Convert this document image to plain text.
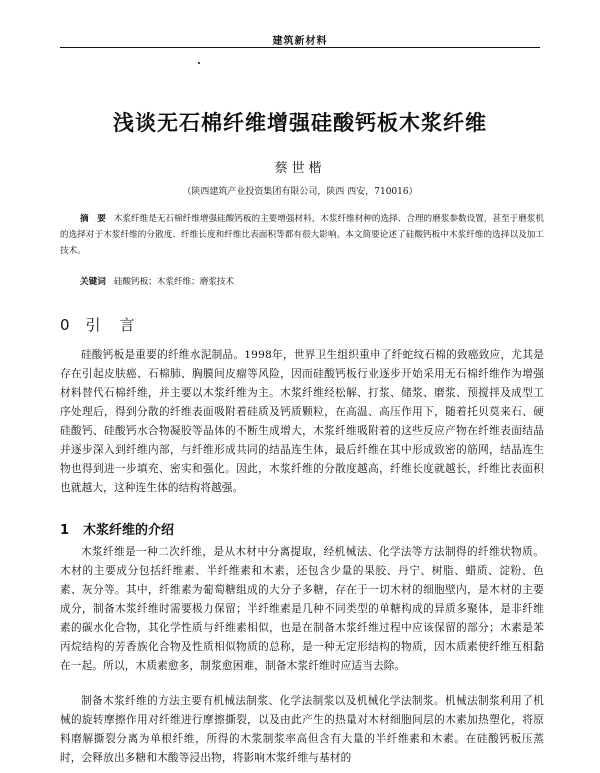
建筑新材料
浅谈无石棉纤维增强硅酸钙板木浆纤维
蔡世楷
（陕西建筑产业投资集团有限公司，陕西 西安，710016）
摘　要 木浆纤维是无石棉纤维增强硅酸钙板的主要增强材料，木浆纤维材种的选择、合理的磨浆参数设置，甚至于磨浆机的选择对于木浆纤维的分散度、纤维长度和纤维比表面积等都有很大影响。本文简要论述了硅酸钙板中木浆纤维的选择以及加工技术。
关键词 硅酸钙板；木浆纤维；磨浆技术
0 引　言
硅酸钙板是重要的纤维水泥制品。1998年，世界卫生组织重申了纤蛇纹石棉的致癌致应，尤其是存在引起皮肤癌、石棉肺、胸膜间皮瘤等风险，因而硅酸钙板行业逐步开始采用无石棉纤维作为增强材料替代石棉纤维，并主要以木浆纤维为主。木浆纤维经松解、打浆、储浆、磨浆、预搅拌及成型工序处理后，得到分散的纤维表面吸附着硅质及钙质颗粒，在高温、高压作用下，随着托贝莫来石、硬硅酸钙、硅酸钙水合物凝胶等晶体的不断生成增大，木浆纤维吸附着的这些反应产物在纤维表面结晶并逐步深入到纤维内部，与纤维形成共同的结晶连生体，最后纤维在其中形成致密的筋网，结晶连生物也得到进一步填充、密实和强化。因此，木浆纤维的分散度越高，纤维长度就越长，纤维比表面积也就越大，这种连生体的结构将越强。
1 木浆纤维的介绍
木浆纤维是一种二次纤维，是从木材中分离提取，经机械法、化学法等方法制得的纤维状物质。木材的主要成分包括纤维素、半纤维素和木素，还包含少量的果胶、丹宁、树脂、蜡质、淀粉、色素、灰分等。其中，纤维素为葡萄糖组成的大分子多糖，存在于一切木材的细胞壁内，是木材的主要成分，制备木浆纤维时需要极力保留；半纤维素是几种不同类型的单糖构成的异质多聚体，是非纤维素的碳水化合物，其化学性质与纤维素相似，也是在制备木浆纤维过程中应该保留的部分；木素是苯丙烷结构的芳香族化合物及性质相似物质的总称，是一种无定形结构的物质，因木质素使纤维互相黏在一起。所以，木质素愈多，制浆愈困难，制备木浆纤维时应适当去除。
制备木浆纤维的方法主要有机械法制浆、化学法制浆以及机械化学法制浆。机械法制浆利用了机械的旋转摩擦作用对纤维进行摩擦撕裂，以及由此产生的热量对木材细胞间层的木素加热塑化，将原料磨解撕裂分离为单根纤维，所得的木浆制浆率高但含有大量的半纤维素和木素。在硅酸钙板压蒸时，会释放出多糖和木酸等浸出物，将影响木浆纤维与基材的
